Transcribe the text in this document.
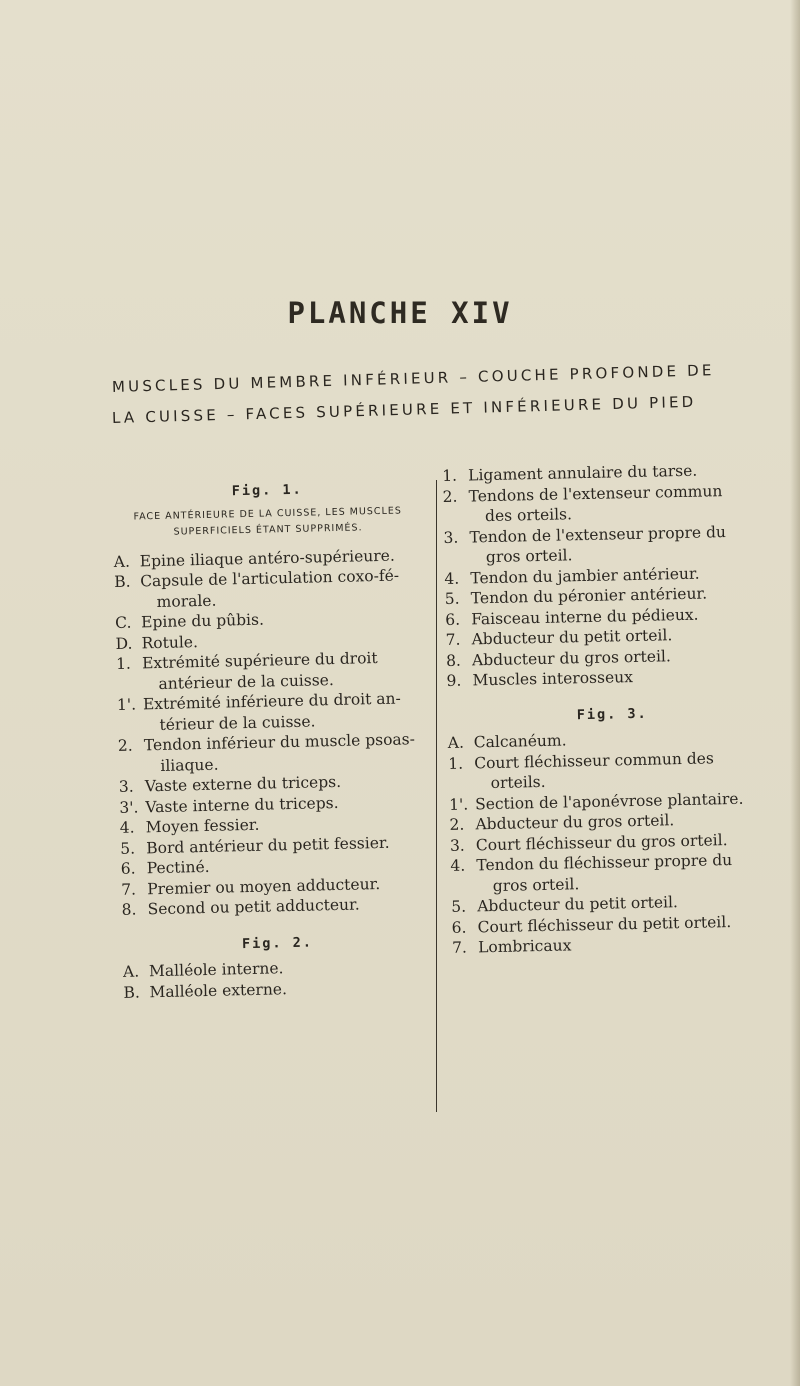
PLANCHE XIV
MUSCLES DU MEMBRE INFÉRIEUR – COUCHE PROFONDE DE
LA CUISSE – FACES SUPÉRIEURE ET INFÉRIEURE DU PIED
Fig. 1.
FACE ANTÉRIEURE DE LA CUISSE, LES MUSCLES
SUPERFICIELS ÉTANT SUPPRIMÉS.
A. Epine iliaque antéro-supérieure.
B. Capsule de l'articulation coxo-fé-
morale.
C. Epine du pûbis.
D. Rotule.
1. Extrémité supérieure du droit
antérieur de la cuisse.
1'. Extrémité inférieure du droit an-
térieur de la cuisse.
2. Tendon inférieur du muscle psoas-
iliaque.
3. Vaste externe du triceps.
3'. Vaste interne du triceps.
4. Moyen fessier.
5. Bord antérieur du petit fessier.
6. Pectiné.
7. Premier ou moyen adducteur.
8. Second ou petit adducteur.
Fig. 2.
A. Malléole interne.
B. Malléole externe.
1. Ligament annulaire du tarse.
2. Tendons de l'extenseur commun
des orteils.
3. Tendon de l'extenseur propre du
gros orteil.
4. Tendon du jambier antérieur.
5. Tendon du péronier antérieur.
6. Faisceau interne du pédieux.
7. Abducteur du petit orteil.
8. Abducteur du gros orteil.
9. Muscles interosseux
Fig. 3.
A. Calcanéum.
1. Court fléchisseur commun des
orteils.
1'. Section de l'aponévrose plantaire.
2. Abducteur du gros orteil.
3. Court fléchisseur du gros orteil.
4. Tendon du fléchisseur propre du
gros orteil.
5. Abducteur du petit orteil.
6. Court fléchisseur du petit orteil.
7. Lombricaux
